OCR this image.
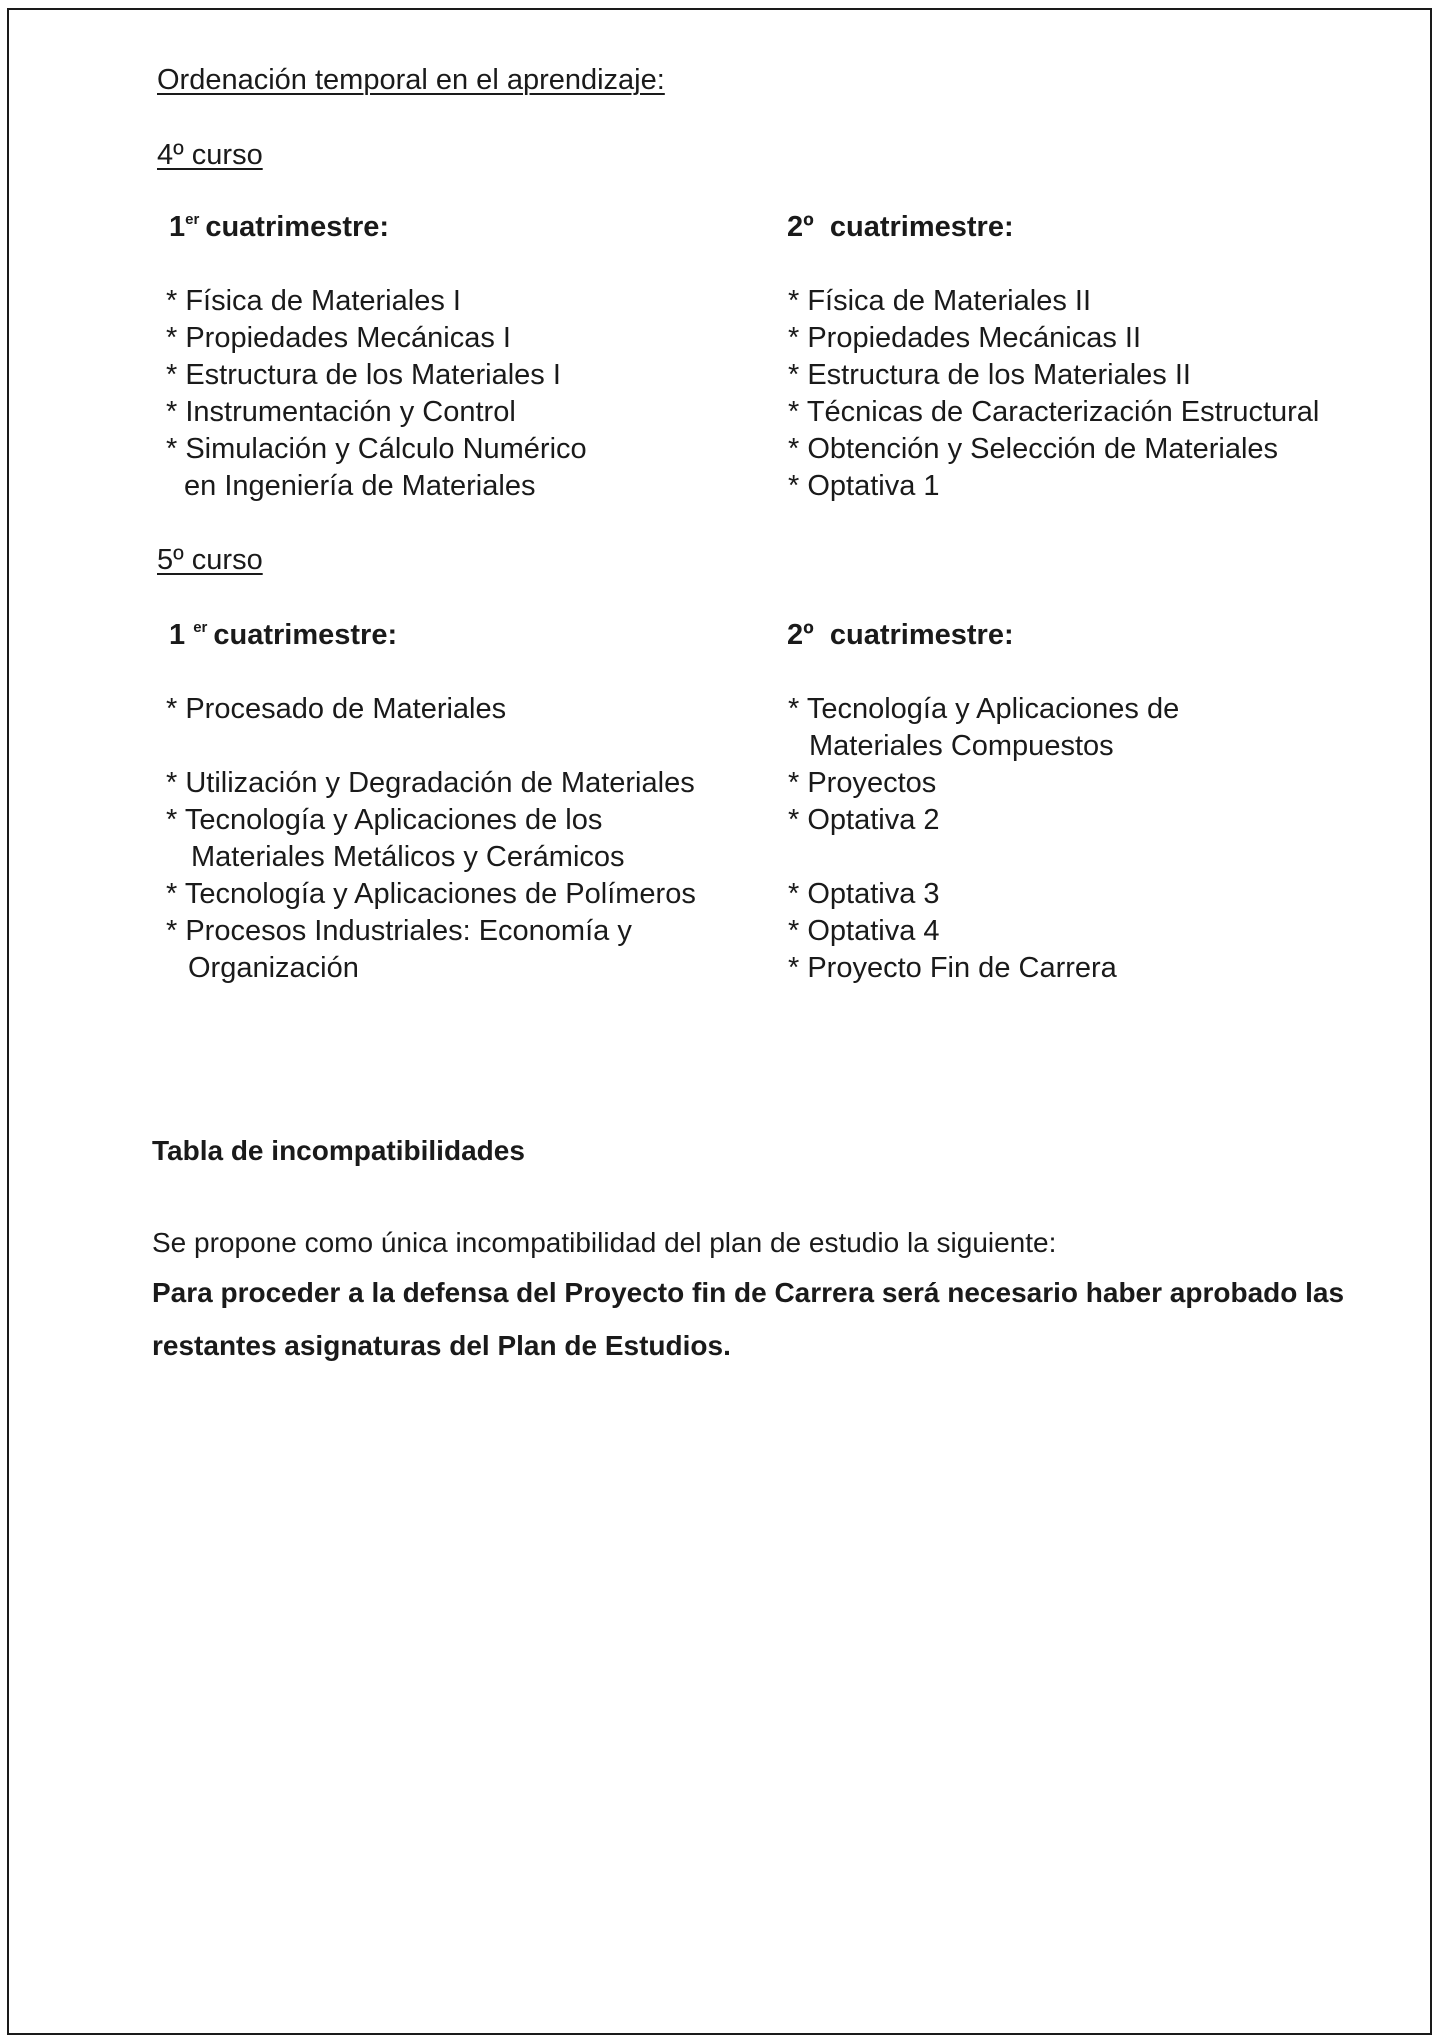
Ordenación temporal en el aprendizaje:
4º curso
1er cuatrimestre:	2º cuatrimestre:
* Física de Materiales I
* Propiedades Mecánicas I
* Estructura de los Materiales I
* Instrumentación y Control
* Simulación y Cálculo Numérico
en Ingeniería de Materiales
* Física de Materiales II
* Propiedades Mecánicas II
* Estructura de los Materiales II
* Técnicas de Caracterización Estructural
* Obtención y Selección de Materiales
* Optativa 1
5º curso
1 $^{er}$ cuatrimestre:	2º cuatrimestre:
* Procesado de Materiales
* Utilización y Degradación de Materiales
* Tecnología y Aplicaciones de los
Materiales Metálicos y Cerámicos
* Tecnología y Aplicaciones de Polímeros
* Procesos Industriales: Economía y
Organización
* Tecnología y Aplicaciones de
Materiales Compuestos
* Proyectos
* Optativa 2
* Optativa 3
* Optativa 4
* Proyecto Fin de Carrera
Tabla de incompatibilidades
Se propone como única incompatibilidad del plan de estudio la siguiente:
Para proceder a la defensa del Proyecto fin de Carrera será necesario haber aprobado las restantes asignaturas del Plan de Estudios.
